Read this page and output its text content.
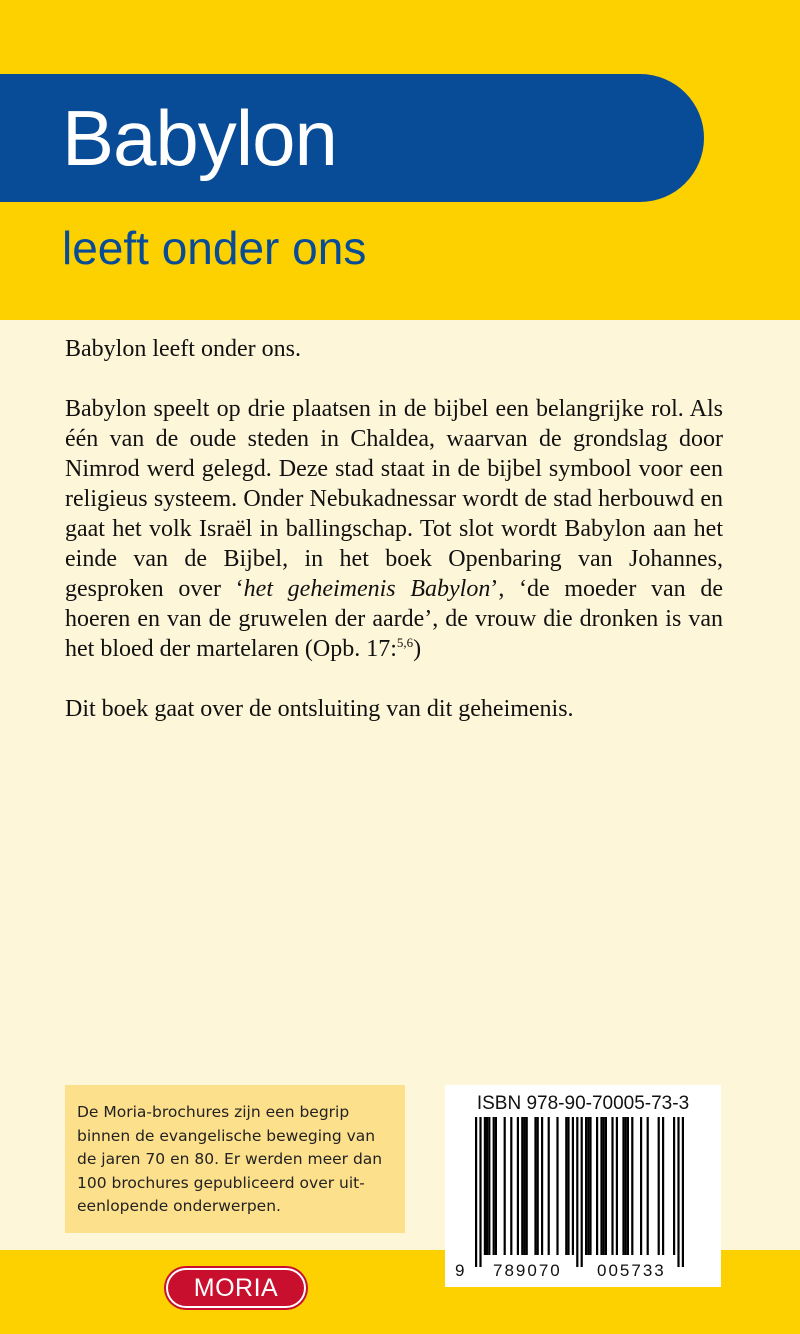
Babylon
leeft onder ons

Babylon leeft onder ons.

Babylon speelt op drie plaatsen in de bijbel een belangrijke rol. Als één van de oude steden in Chaldea, waarvan de grondslag door Nimrod werd gelegd. Deze stad staat in de bijbel symbool voor een religieus systeem. Onder Nebukadnessar wordt de stad herbouwd en gaat het volk Israël in ballingschap. Tot slot wordt Babylon aan het einde van de Bijbel, in het boek Openbaring van Johannes, gesproken over ‘het geheimenis Babylon’, ‘de moeder van de hoeren en van de gruwelen der aarde’, de vrouw die dronken is van het bloed der martelaren (Opb. 17:$^{5,6}$)

Dit boek gaat over de ontsluiting van dit geheimenis.

De Moria-brochures zijn een begrip
binnen de evangelische beweging van
de jaren 70 en 80. Er werden meer dan
100 brochures gepubliceerd over uit-
eenlopende onderwerpen.
MORIA
ISBN 978-90-70005-73-3
9 789070 005733
